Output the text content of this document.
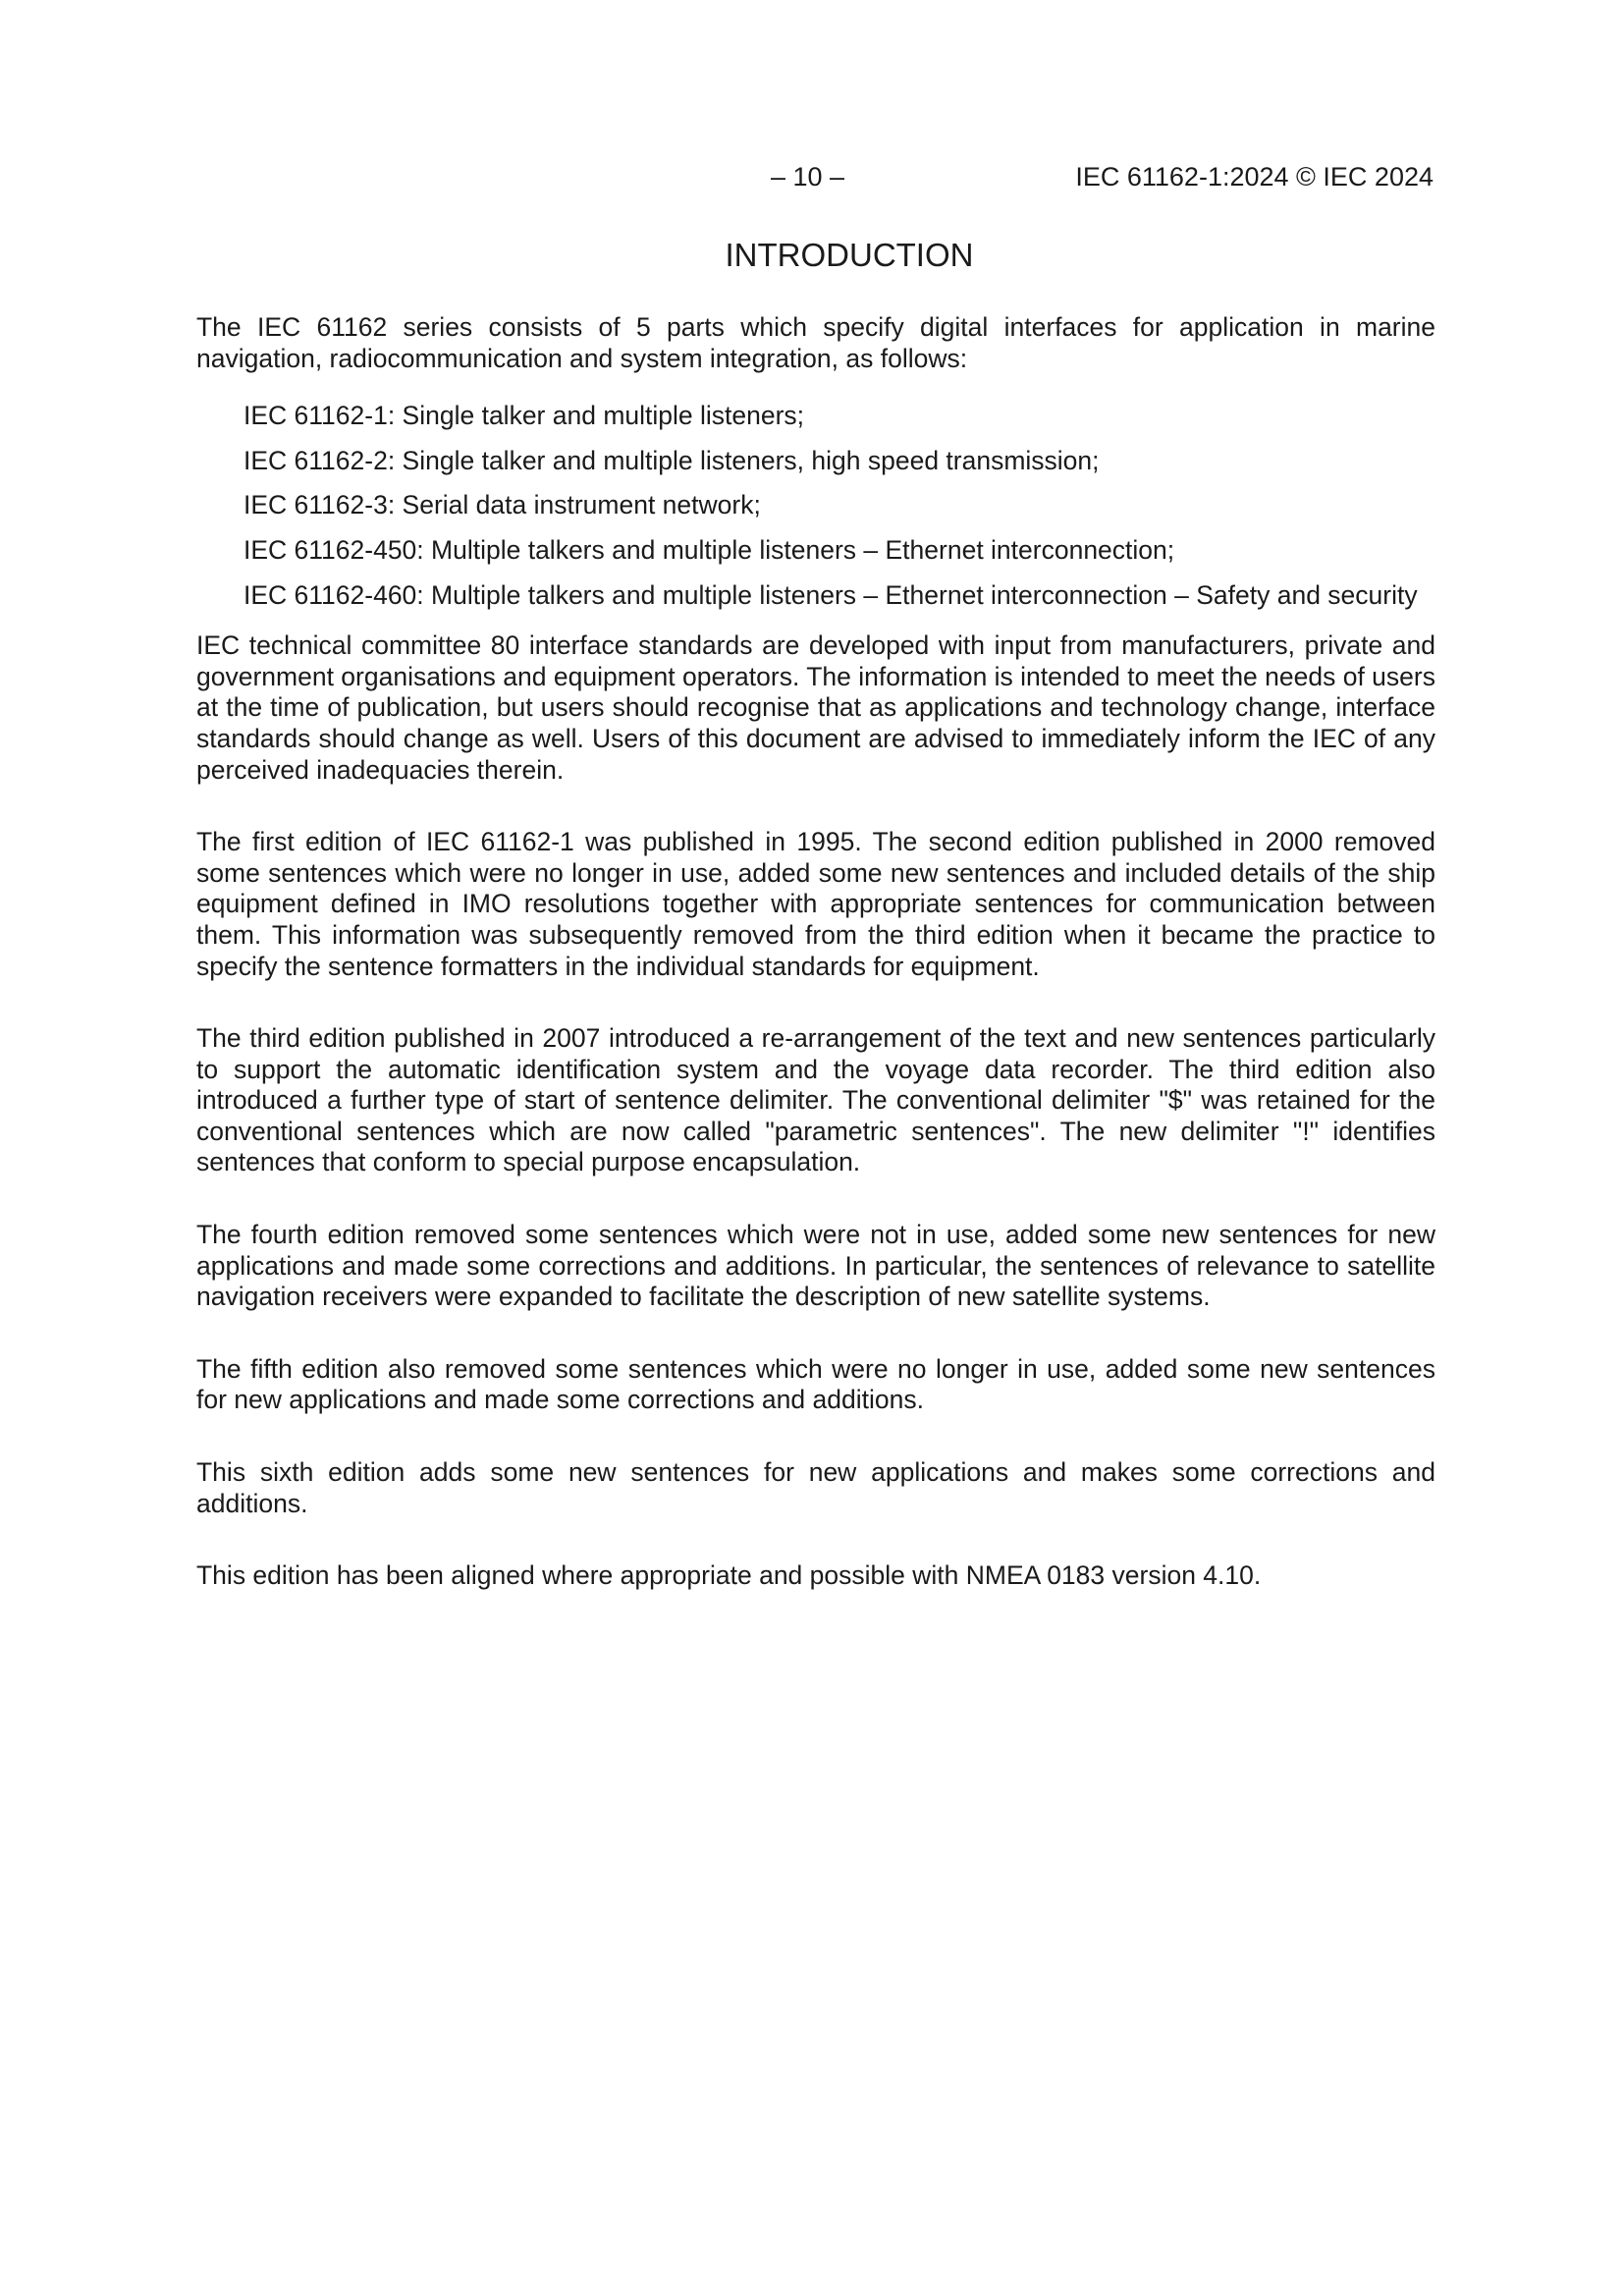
– 10 –	IEC 61162-1:2024 © IEC 2024
INTRODUCTION

The IEC 61162 series consists of 5 parts which specify digital interfaces for application in marine navigation, radiocommunication and system integration, as follows:

IEC 61162-1: Single talker and multiple listeners;
IEC 61162-2: Single talker and multiple listeners, high speed transmission;
IEC 61162-3: Serial data instrument network;
IEC 61162-450: Multiple talkers and multiple listeners – Ethernet interconnection;
IEC 61162-460: Multiple talkers and multiple listeners – Ethernet interconnection – Safety and security

IEC technical committee 80 interface standards are developed with input from manufacturers, private and government organisations and equipment operators. The information is intended to meet the needs of users at the time of publication, but users should recognise that as applications and technology change, interface standards should change as well. Users of this document are advised to immediately inform the IEC of any perceived inadequacies therein.

The first edition of IEC 61162-1 was published in 1995. The second edition published in 2000 removed some sentences which were no longer in use, added some new sentences and included details of the ship equipment defined in IMO resolutions together with appropriate sentences for communication between them. This information was subsequently removed from the third edition when it became the practice to specify the sentence formatters in the individual standards for equipment.

The third edition published in 2007 introduced a re-arrangement of the text and new sentences particularly to support the automatic identification system and the voyage data recorder. The third edition also introduced a further type of start of sentence delimiter. The conventional delimiter "$" was retained for the conventional sentences which are now called "parametric sentences". The new delimiter "!" identifies sentences that conform to special purpose encapsulation.

The fourth edition removed some sentences which were not in use, added some new sentences for new applications and made some corrections and additions. In particular, the sentences of relevance to satellite navigation receivers were expanded to facilitate the description of new satellite systems.

The fifth edition also removed some sentences which were no longer in use, added some new sentences for new applications and made some corrections and additions.

This sixth edition adds some new sentences for new applications and makes some corrections and additions.

This edition has been aligned where appropriate and possible with NMEA 0183 version 4.10.
